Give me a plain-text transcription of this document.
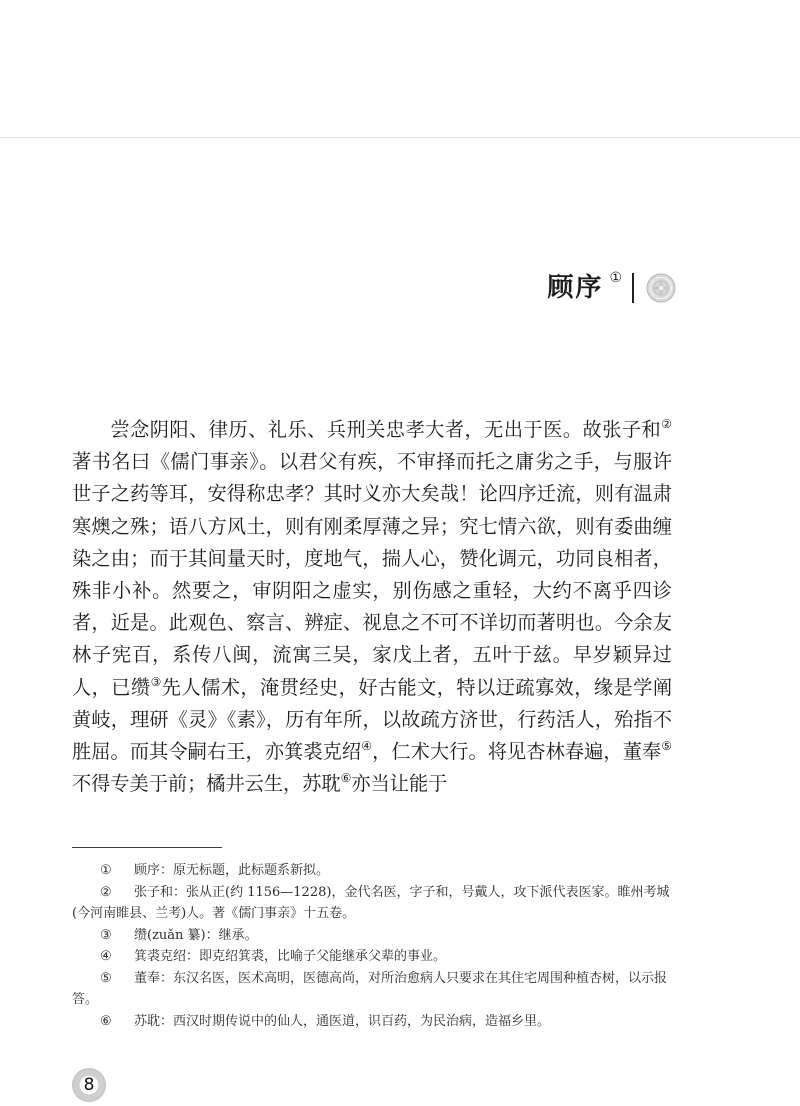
顾序 ①

尝念阴阳、律历、礼乐、兵刑关忠孝大者，无出于医。故张子和②著书名曰《儒门事亲》。以君父有疾，不审择而托之庸劣之手，与服许世子之药等耳，安得称忠孝？其时义亦大矣哉！论四序迁流，则有温肃寒燠之殊；语八方风土，则有刚柔厚薄之异；究七情六欲，则有委曲缠染之由；而于其间量天时，度地气，揣人心，赞化调元，功同良相者，殊非小补。然要之，审阴阳之虚实，别伤感之重轻，大约不离乎四诊者，近是。此观色、察言、辨症、视息之不可不详切而著明也。今余友林子宪百，系传八闽，流寓三吴，家戊上者，五叶于兹。早岁颖异过人，已缵③先人儒术，淹贯经史，好古能文，特以迂疏寡效，缘是学阐黄岐，理研《灵》《素》，历有年所，以故疏方济世，行药活人，殆指不胜屈。而其令嗣右王，亦箕裘克绍④，仁术大行。将见杏林春遍，董奉⑤不得专美于前；橘井云生，苏耽⑥亦当让能于

① 顾序：原无标题，此标题系新拟。

② 张子和：张从正(约 1156—1228)，金代名医，字子和，号戴人，攻下派代表医家。睢州考城(今河南睢县、兰考)人。著《儒门事亲》十五卷。

③ 缵(zuǎn 纂)：继承。

④ 箕裘克绍：即克绍箕裘，比喻子父能继承父辈的事业。

⑤ 董奉：东汉名医，医术高明，医德高尚，对所治愈病人只要求在其住宅周围种植杏树，以示报答。

⑥ 苏耽：西汉时期传说中的仙人，通医道，识百药，为民治病，造福乡里。

8
